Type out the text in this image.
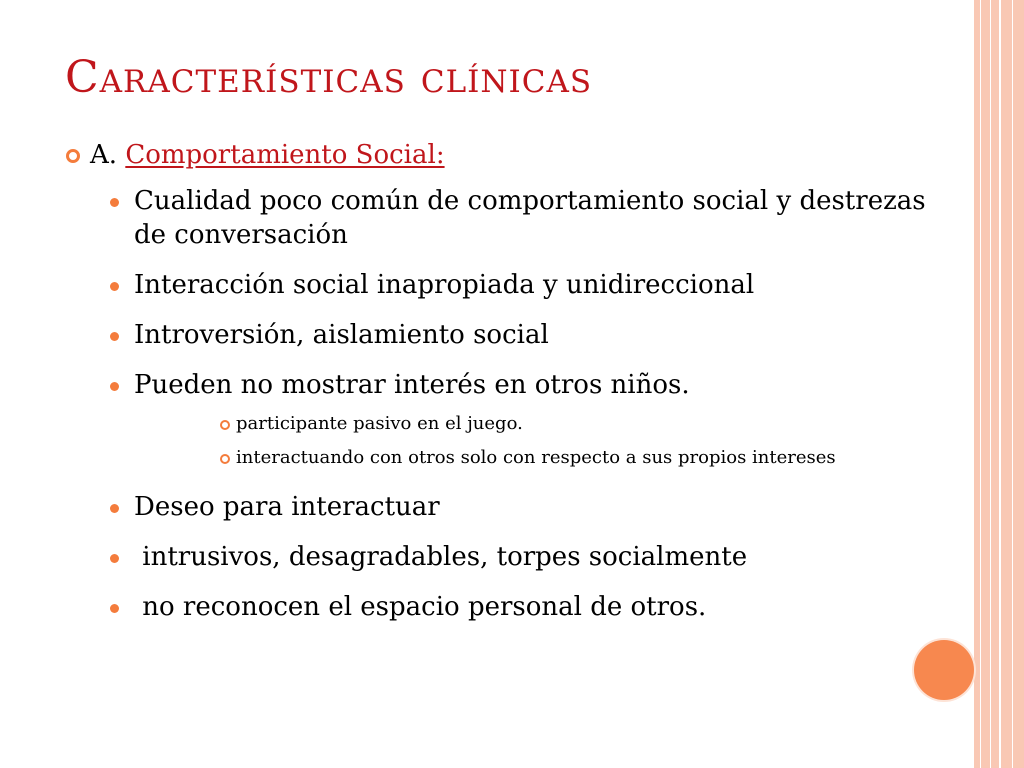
Características clínicas
A. Comportamiento Social:
Cualidad poco común de comportamiento social y destrezas de conversación
Interacción social inapropiada y unidireccional
Introversión, aislamiento social
Pueden no mostrar interés en otros niños.
participante pasivo en el juego.
interactuando con otros solo con respecto a sus propios intereses
Deseo para interactuar
intrusivos, desagradables, torpes socialmente
no reconocen el espacio personal de otros.
